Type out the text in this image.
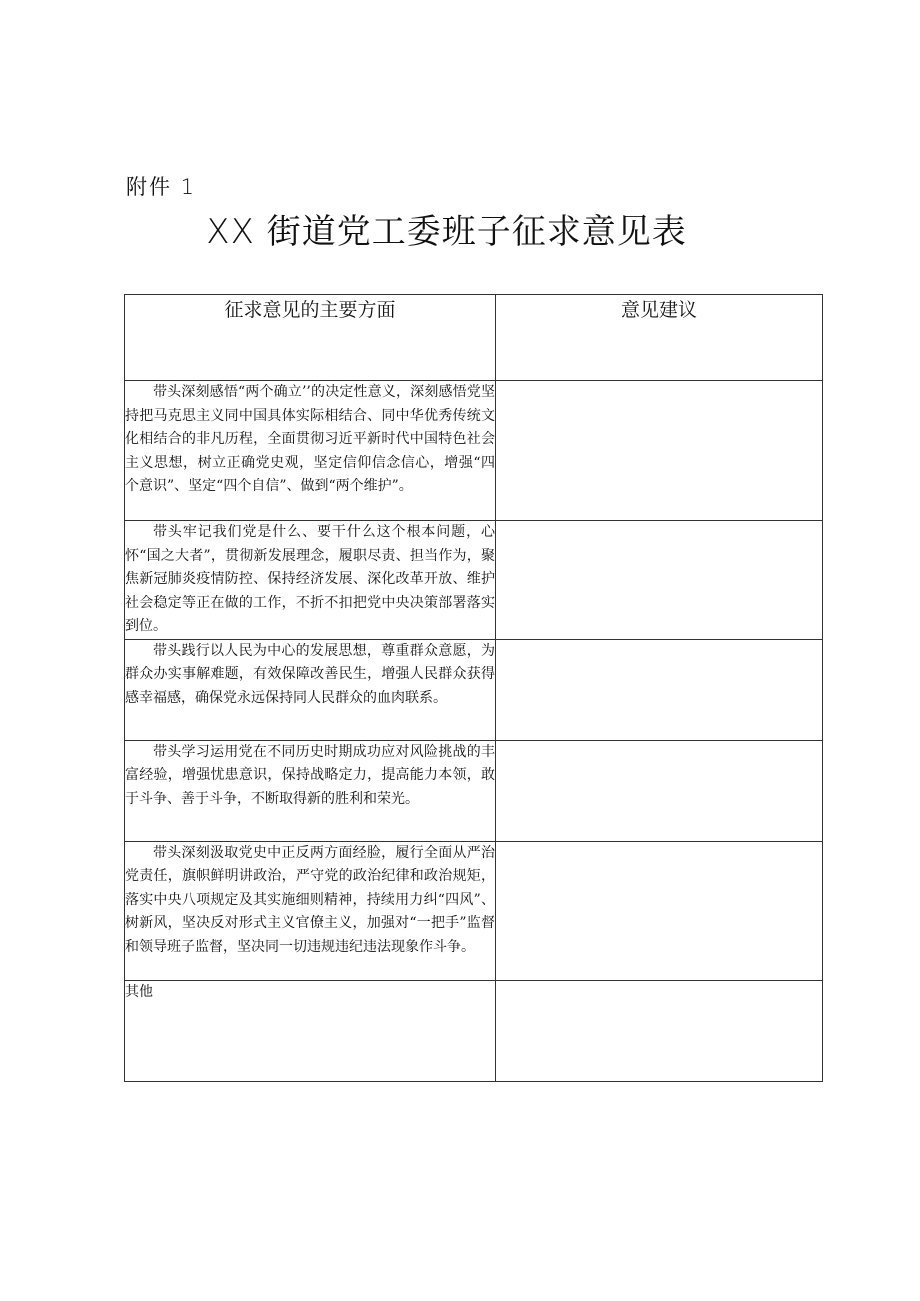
附件 1
XX 街道党工委班子征求意见表
征求意见的主要方面	意见建议
带头深刻感悟“两个确立’’的决定性意义，深刻感悟党坚持把马克思主义同中国具体实际相结合、同中华优秀传统文化相结合的非凡历程，全面贯彻习近平新时代中国特色社会主义思想，树立正确党史观，坚定信仰信念信心，增强“四个意识”、坚定“四个自信”、做到“两个维护”。	
带头牢记我们党是什么、要干什么这个根本问题，心怀“国之大者”，贯彻新发展理念，履职尽责、担当作为，聚焦新冠肺炎疫情防控、保持经济发展、深化改革开放、维护社会稳定等正在做的工作，不折不扣把党中央决策部署落实到位。	
带头践行以人民为中心的发展思想，尊重群众意愿，为群众办实事解难题，有效保障改善民生，增强人民群众获得感幸福感，确保党永远保持同人民群众的血肉联系。	
带头学习运用党在不同历史时期成功应对风险挑战的丰富经验，增强忧患意识，保持战略定力，提高能力本领，敢于斗争、善于斗争，不断取得新的胜利和荣光。	
带头深刻汲取党史中正反两方面经脸，履行全面从严治党责任，旗帜鲜明讲政治，严守党的政治纪律和政治规矩，落实中央八项规定及其实施细则精神，持续用力纠“四风”、树新风，坚决反对形式主义官僚主义，加强对“一把手”监督和领导班子监督，坚决同一切违规违纪违法现象作斗争。	
其他	
